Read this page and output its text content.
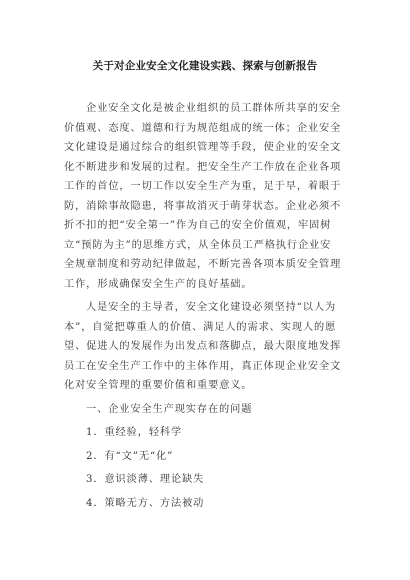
关于对企业安全文化建设实践、探索与创新报告
企业安全文化是被企业组织的员工群体所共享的安全
价值观、态度、道德和行为规范组成的统一体；企业安全
文化建设是通过综合的组织管理等手段，使企业的安全文
化不断进步和发展的过程。把安全生产工作放在企业各项
工作的首位，一切工作以安全生产为重，足于早，着眼于
防，消除事故隐患，将事故消灭于萌芽状态。企业必须不
折不扣的把“安全第一”作为自己的安全价值观，牢固树
立“预防为主”的思维方式，从全体员工严格执行企业安
全规章制度和劳动纪律做起，不断完善各项本质安全管理
工作，形成确保安全生产的良好基础。
人是安全的主导者，安全文化建设必须坚持“以人为
本”，自觉把尊重人的价值、满足人的需求、实现人的愿
望、促进人的发展作为出发点和落脚点，最大限度地发挥
员工在安全生产工作中的主体作用，真正体现企业安全文
化对安全管理的重要价值和重要意义。
一、企业安全生产现实存在的问题
1．重经验，轻科学
2．有“文”无“化”
3．意识淡薄、理论缺失
4．策略无方、方法被动
